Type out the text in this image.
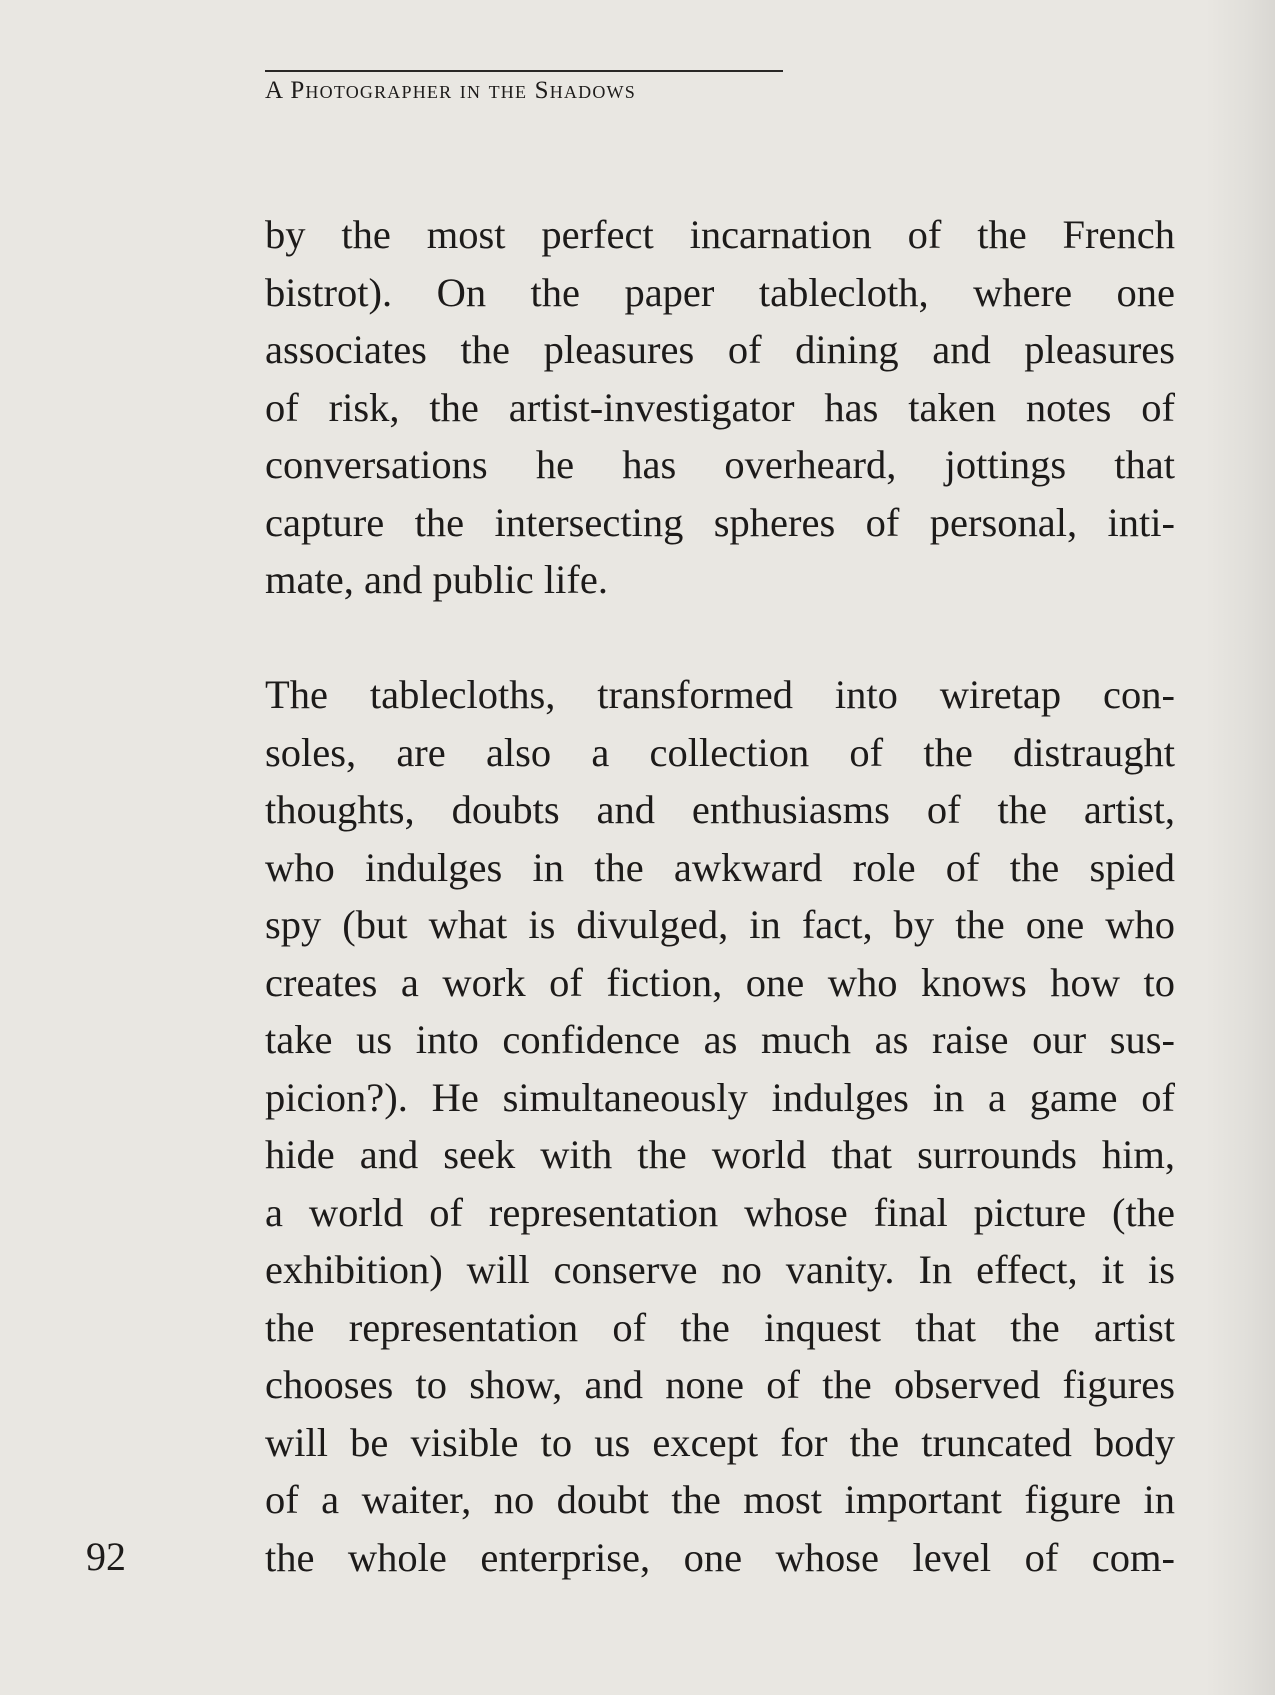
A Photographer in the Shadows

by the most perfect incarnation of the French
bistrot). On the paper tablecloth, where one
associates the pleasures of dining and pleasures
of risk, the artist-investigator has taken notes of
conversations he has overheard, jottings that
capture the intersecting spheres of personal, inti-
mate, and public life.

The tablecloths, transformed into wiretap con-
soles, are also a collection of the distraught
thoughts, doubts and enthusiasms of the artist,
who indulges in the awkward role of the spied
spy (but what is divulged, in fact, by the one who
creates a work of fiction, one who knows how to
take us into confidence as much as raise our sus-
picion?). He simultaneously indulges in a game of
hide and seek with the world that surrounds him,
a world of representation whose final picture (the
exhibition) will conserve no vanity. In effect, it is
the representation of the inquest that the artist
chooses to show, and none of the observed figures
will be visible to us except for the truncated body
of a waiter, no doubt the most important figure in
the whole enterprise, one whose level of com-

92
